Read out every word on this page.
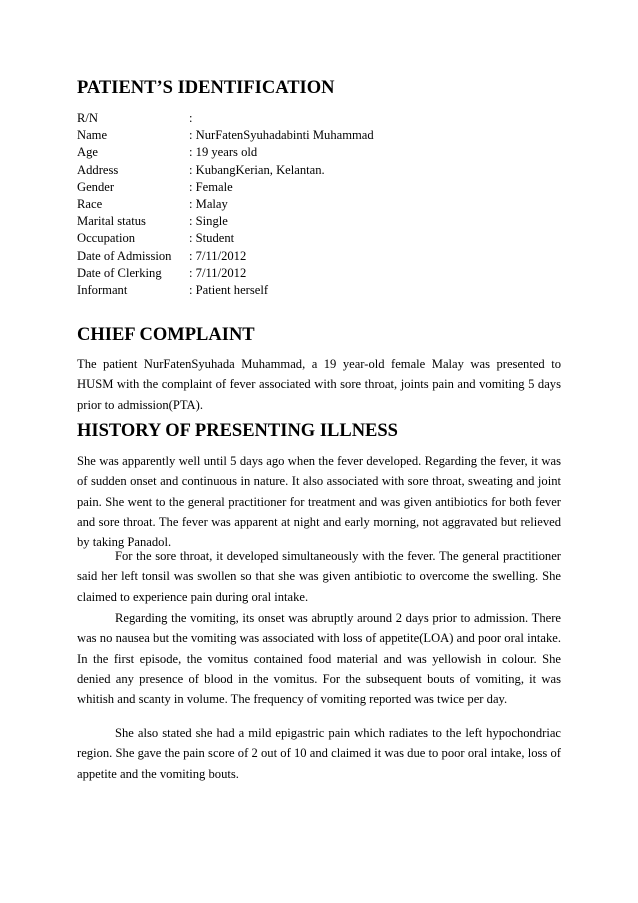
PATIENT’S IDENTIFICATION
R/N	:
Name	: NurFatenSyuhadabinti Muhammad
Age	: 19 years old
Address	: KubangKerian, Kelantan.
Gender	: Female
Race	: Malay
Marital status	: Single
Occupation	: Student
Date of Admission : 7/11/2012
Date of Clerking : 7/11/2012
Informant	: Patient herself
CHIEF COMPLAINT

The patient NurFatenSyuhada Muhammad, a 19 year-old female Malay was presented to HUSM with the complaint of fever associated with sore throat, joints pain and vomiting 5 days prior to admission(PTA).

HISTORY OF PRESENTING ILLNESS

She was apparently well until 5 days ago when the fever developed. Regarding the fever, it was of sudden onset and continuous in nature. It also associated with sore throat, sweating and joint pain. She went to the general practitioner for treatment and was given antibiotics for both fever and sore throat. The fever was apparent at night and early morning, not aggravated but relieved by taking Panadol.

For the sore throat, it developed simultaneously with the fever. The general practitioner said her left tonsil was swollen so that she was given antibiotic to overcome the swelling. She claimed to experience pain during oral intake.

Regarding the vomiting, its onset was abruptly around 2 days prior to admission. There was no nausea but the vomiting was associated with loss of appetite(LOA) and poor oral intake. In the first episode, the vomitus contained food material and was yellowish in colour. She denied any presence of blood in the vomitus. For the subsequent bouts of vomiting, it was whitish and scanty in volume. The frequency of vomiting reported was twice per day.

She also stated she had a mild epigastric pain which radiates to the left hypochondriac region. She gave the pain score of 2 out of 10 and claimed it was due to poor oral intake, loss of appetite and the vomiting bouts.
